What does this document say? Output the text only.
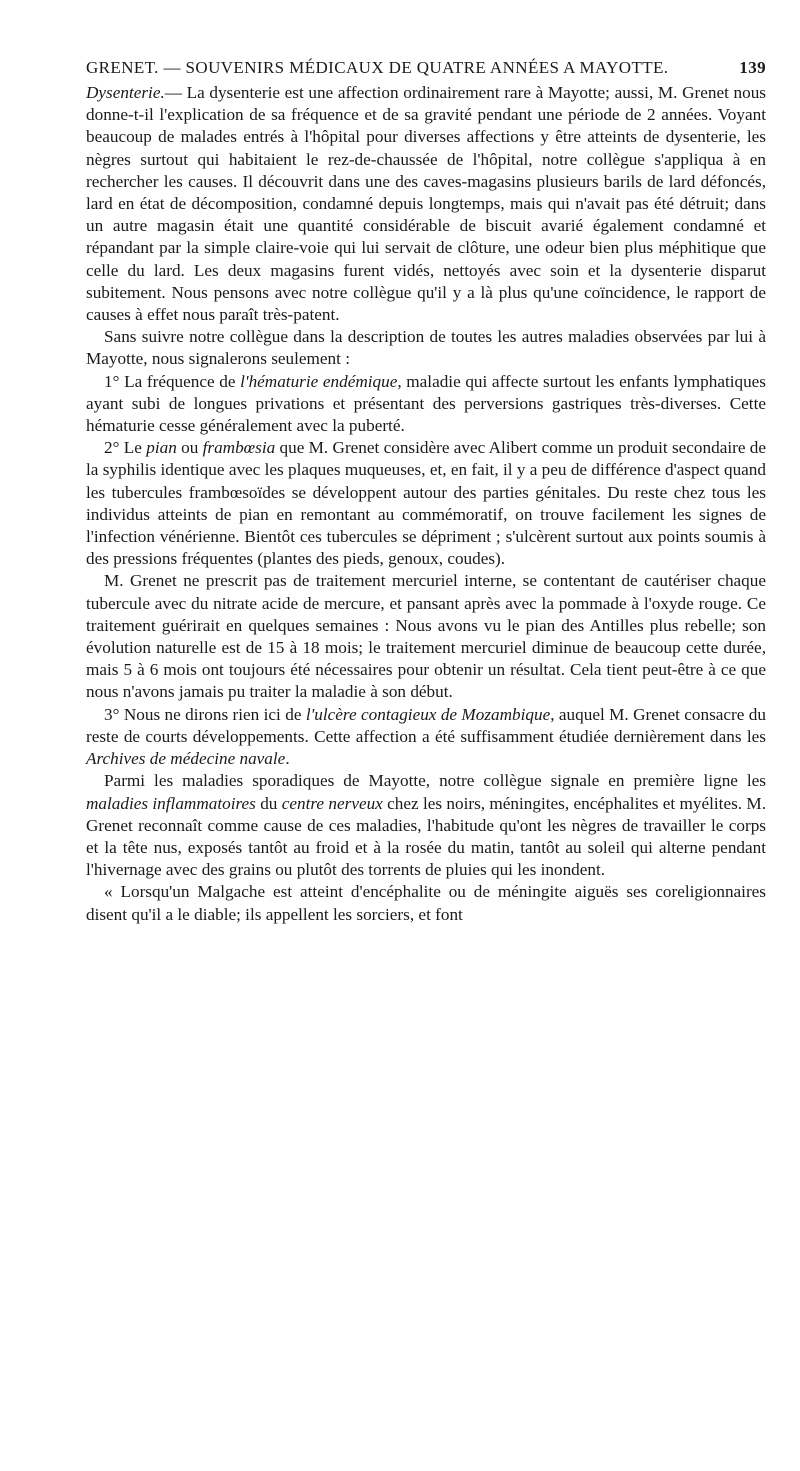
GRENET. — SOUVENIRS MÉDICAUX DE QUATRE ANNÉES A MAYOTTE.	139

Dysenterie.— La dysenterie est une affection ordinairement rare à Mayotte; aussi, M. Grenet nous donne-t-il l'explication de sa fréquence et de sa gravité pendant une période de 2 années. Voyant beaucoup de malades entrés à l'hôpital pour diverses affections y être atteints de dysenterie, les nègres surtout qui habitaient le rez-de-chaussée de l'hôpital, notre collègue s'appliqua à en rechercher les causes. Il découvrit dans une des caves-magasins plusieurs barils de lard défoncés, lard en état de décomposition, condamné depuis longtemps, mais qui n'avait pas été détruit; dans un autre magasin était une quantité considérable de biscuit avarié également condamné et répandant par la simple claire-voie qui lui servait de clôture, une odeur bien plus méphitique que celle du lard. Les deux magasins furent vidés, nettoyés avec soin et la dysenterie disparut subitement. Nous pensons avec notre collègue qu'il y a là plus qu'une coïncidence, le rapport de causes à effet nous paraît très-patent.

Sans suivre notre collègue dans la description de toutes les autres maladies observées par lui à Mayotte, nous signalerons seulement :

1° La fréquence de l'hématurie endémique, maladie qui affecte surtout les enfants lymphatiques ayant subi de longues privations et présentant des perversions gastriques très-diverses. Cette hématurie cesse généralement avec la puberté.

2° Le pian ou frambœsia que M. Grenet considère avec Alibert comme un produit secondaire de la syphilis identique avec les plaques muqueuses, et, en fait, il y a peu de différence d'aspect quand les tubercules frambœsoïdes se développent autour des parties génitales. Du reste chez tous les individus atteints de pian en remontant au commémoratif, on trouve facilement les signes de l'infection vénérienne. Bientôt ces tubercules se dépriment ; s'ulcèrent surtout aux points soumis à des pressions fréquentes (plantes des pieds, genoux, coudes).

M. Grenet ne prescrit pas de traitement mercuriel interne, se contentant de cautériser chaque tubercule avec du nitrate acide de mercure, et pansant après avec la pommade à l'oxyde rouge. Ce traitement guérirait en quelques semaines : Nous avons vu le pian des Antilles plus rebelle; son évolution naturelle est de 15 à 18 mois; le traitement mercuriel diminue de beaucoup cette durée, mais 5 à 6 mois ont toujours été nécessaires pour obtenir un résultat. Cela tient peut-être à ce que nous n'avons jamais pu traiter la maladie à son début.

3° Nous ne dirons rien ici de l'ulcère contagieux de Mozambique, auquel M. Grenet consacre du reste de courts développements. Cette affection a été suffisamment étudiée dernièrement dans les Archives de médecine navale.

Parmi les maladies sporadiques de Mayotte, notre collègue signale en première ligne les maladies inflammatoires du centre nerveux chez les noirs, méningites, encéphalites et myélites. M. Grenet reconnaît comme cause de ces maladies, l'habitude qu'ont les nègres de travailler le corps et la tête nus, exposés tantôt au froid et à la rosée du matin, tantôt au soleil qui alterne pendant l'hivernage avec des grains ou plutôt des torrents de pluies qui les inondent.

« Lorsqu'un Malgache est atteint d'encéphalite ou de méningite aiguës ses coreligionnaires disent qu'il a le diable; ils appellent les sorciers, et font
